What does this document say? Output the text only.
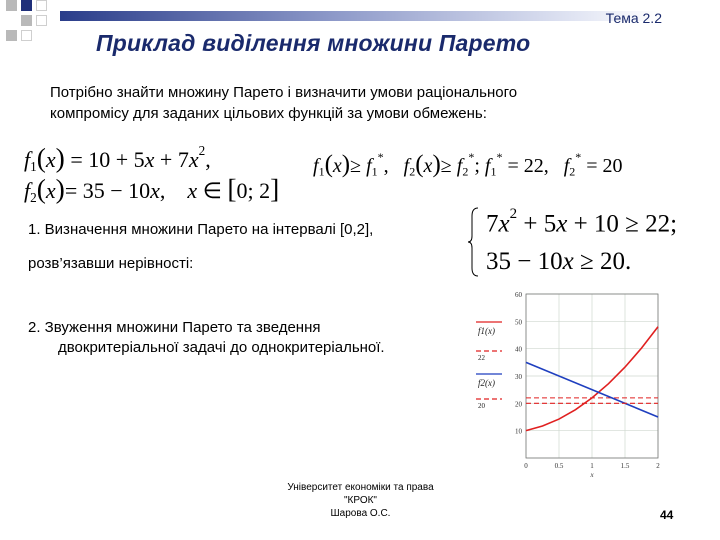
Тема 2.2
Приклад виділення множини Парето
Потрібно знайти множину Парето і визначити умови раціонального
компромісу для заданих цільових функцій за умови обмежень:
$f_1(x) = 10 + 5x + 7x^2$,
$f_2(x)= 35 - 10x$,    x ∈ [0; 2]
$f_1(x)\ge f_1^*$,   $f_2(x)\ge f_2^*$; $f_1^* = 22$,   $f_2^* = 20$
1. Визначення множини Парето на інтервалі [0,2],
розв’язавши нерівності:
$7x^2 + 5x + 10 \ge 22$;
35 − 10x ≥ 20.
2. Звуження множини Парето та зведення
двокритеріальної задачі до однокритеріальної.
10
20
30
40
50
60
0	0.5	1	1.5	2
x
f1(x)
22
f2(x)
20
Університет економіки та права
"КРОК"
Шарова О.С.	44
